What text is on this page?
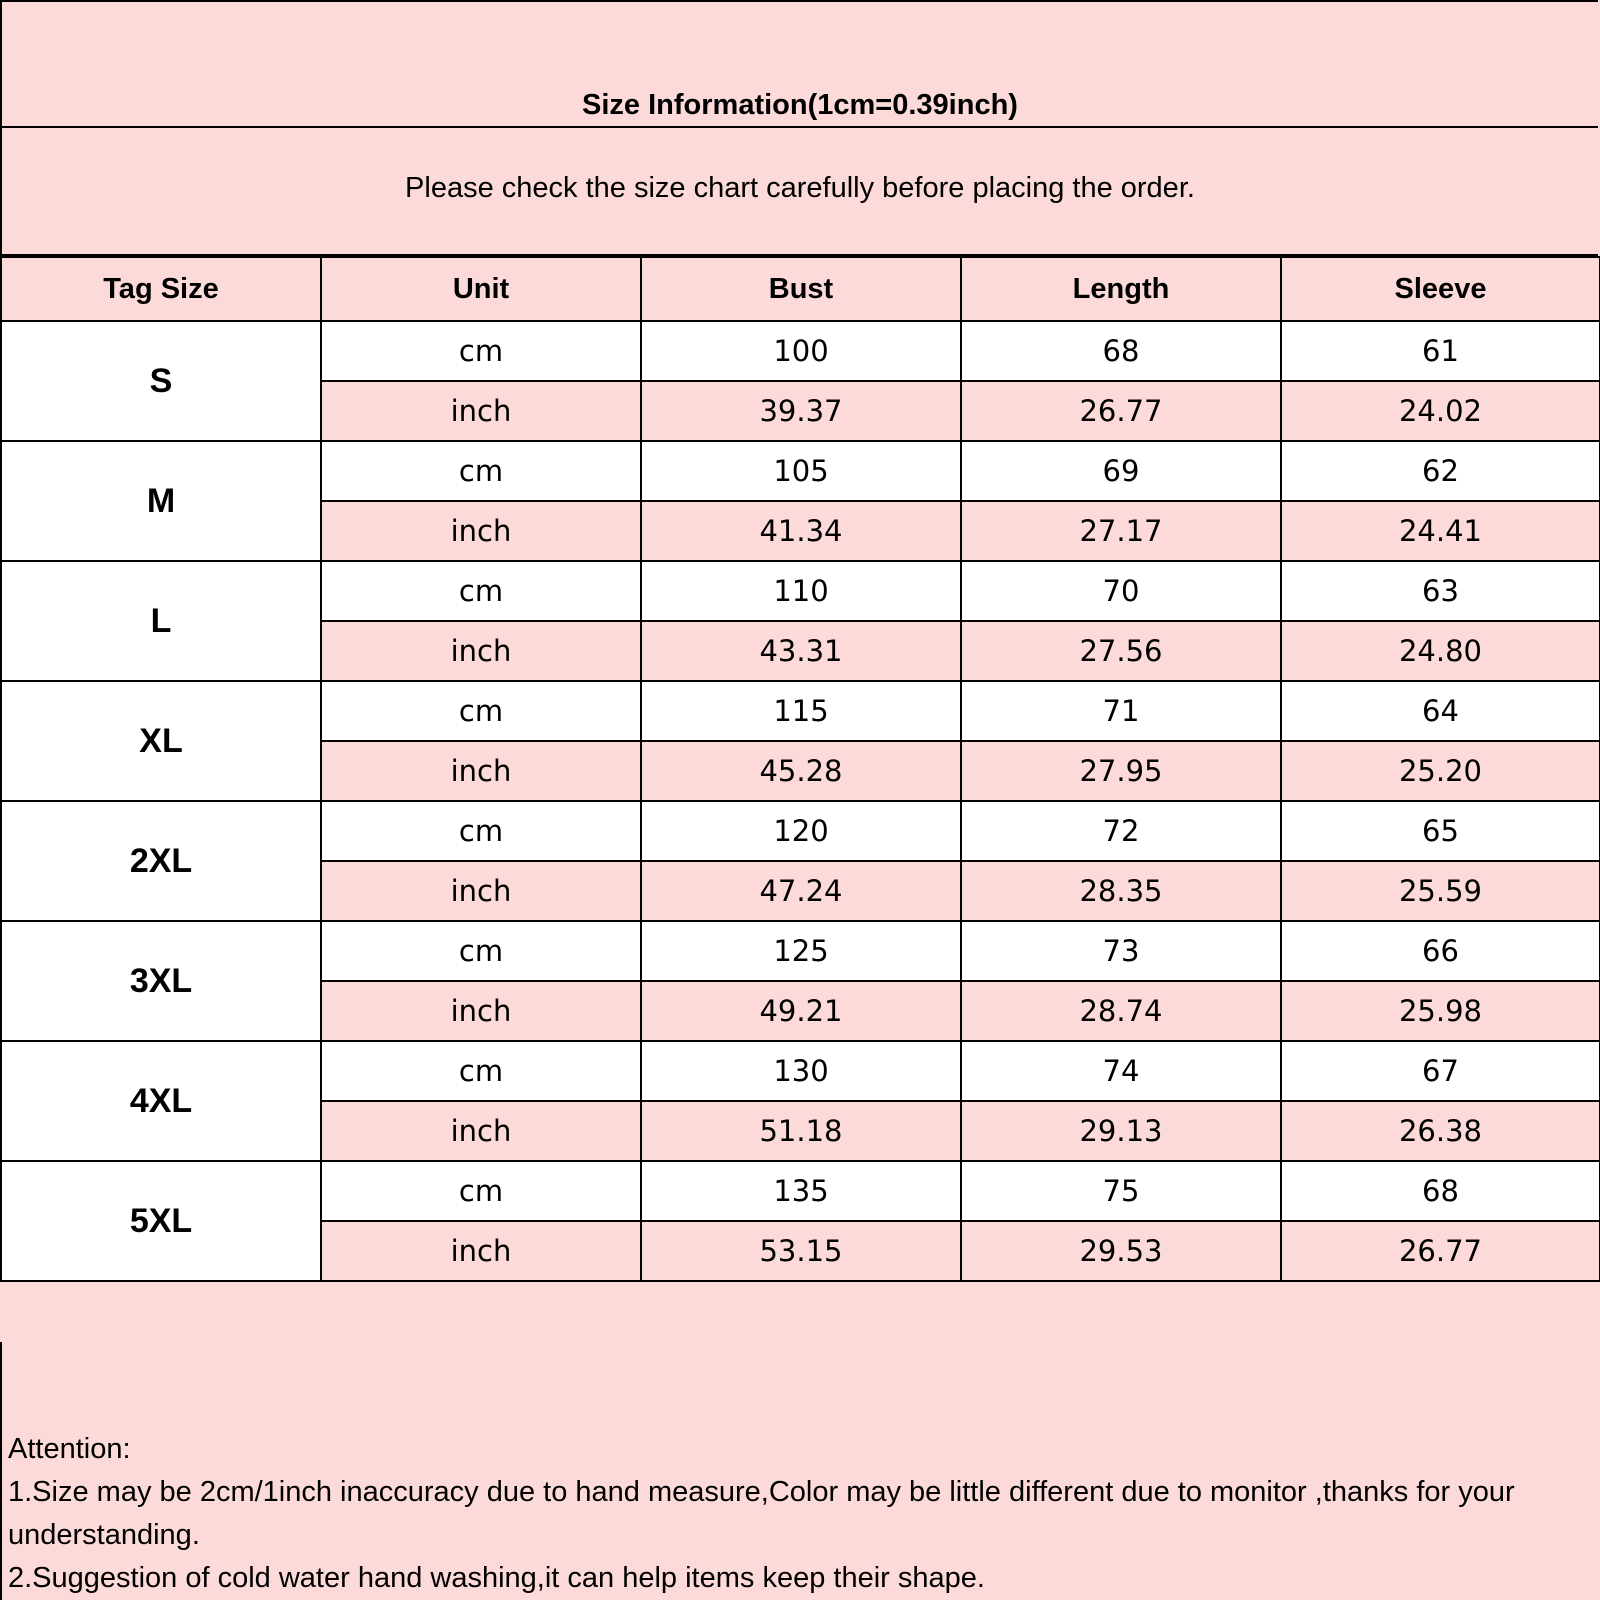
Size Information(1cm=0.39inch)
Please check the size chart carefully before placing the order.
Tag Size	Unit	Bust	Length	Sleeve
S	cm	100	68	61
	inch	39.37	26.77	24.02
M	cm	105	69	62
	inch	41.34	27.17	24.41
L	cm	110	70	63
	inch	43.31	27.56	24.80
XL	cm	115	71	64
	inch	45.28	27.95	25.20
2XL	cm	120	72	65
	inch	47.24	28.35	25.59
3XL	cm	125	73	66
	inch	49.21	28.74	25.98
4XL	cm	130	74	67
	inch	51.18	29.13	26.38
5XL	cm	135	75	68
	inch	53.15	29.53	26.77
Attention:
1.Size may be 2cm/1inch inaccuracy due to hand measure,Color may be little different due to monitor ,thanks for your understanding.
2.Suggestion of cold water hand washing,it can help items keep their shape.
